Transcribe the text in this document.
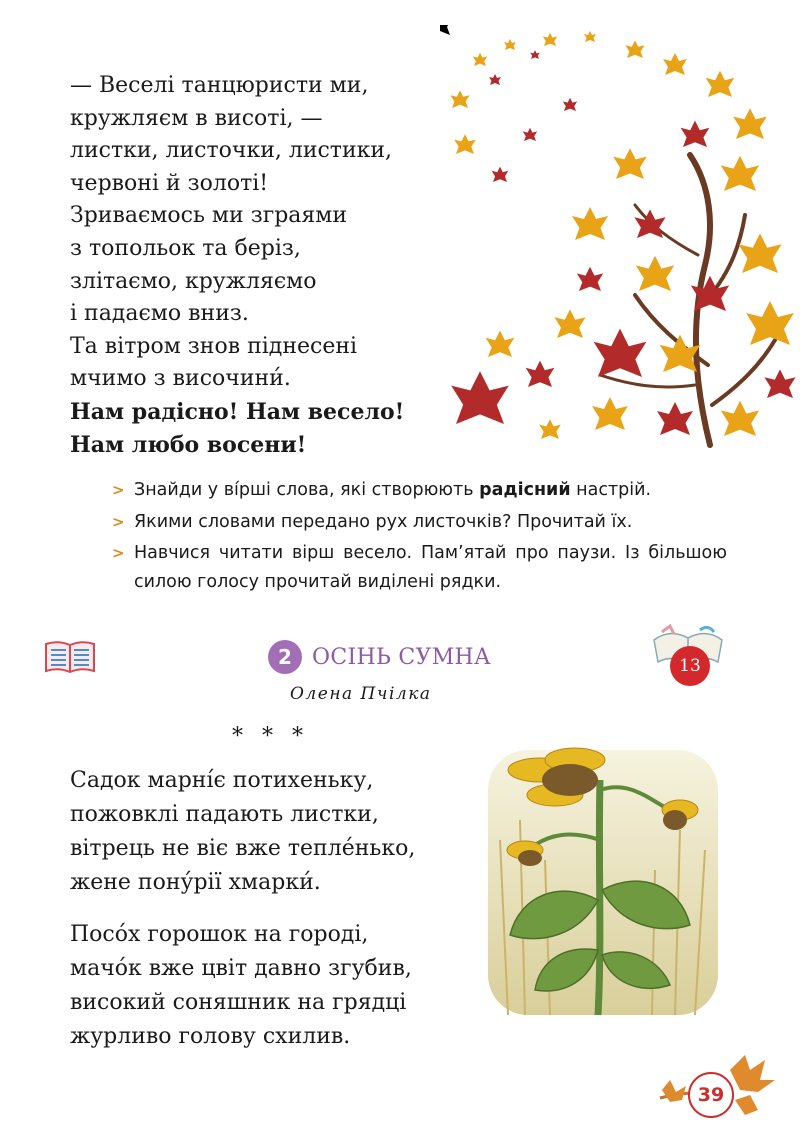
— Веселі танцюристи ми,
кружляєм в висоті, —
листки, листочки, листики,
червоні й золоті!
Зриваємось ми зграями
з топольок та беріз,
злітаємо, кружляємо
і падаємо вниз.
Та вітром знов піднесені
мчимо з височини́.
Нам радісно! Нам весело!
Нам любо восени!
> Знайди у ві́рші слова, які створюють радісний настрій.
> Якими словами передано рух листочків? Прочитай їх.
> Навчися читати вірш весело. Пам’ятай про паузи. Із більшою силою голосу прочитай виділені рядки.
2 ОСІНЬ СУМНА
Олена Пчілка
13
* * *
Садок марні́є потихеньку,
пожовклі падають листки,
вітрець не віє вже тепле́нько,
жене пону́рії хмарки́.
Посо́х горошок на городі,
мачо́к вже цвіт давно згубив,
високий соняшник на грядці
журливо голову схилив.
39
